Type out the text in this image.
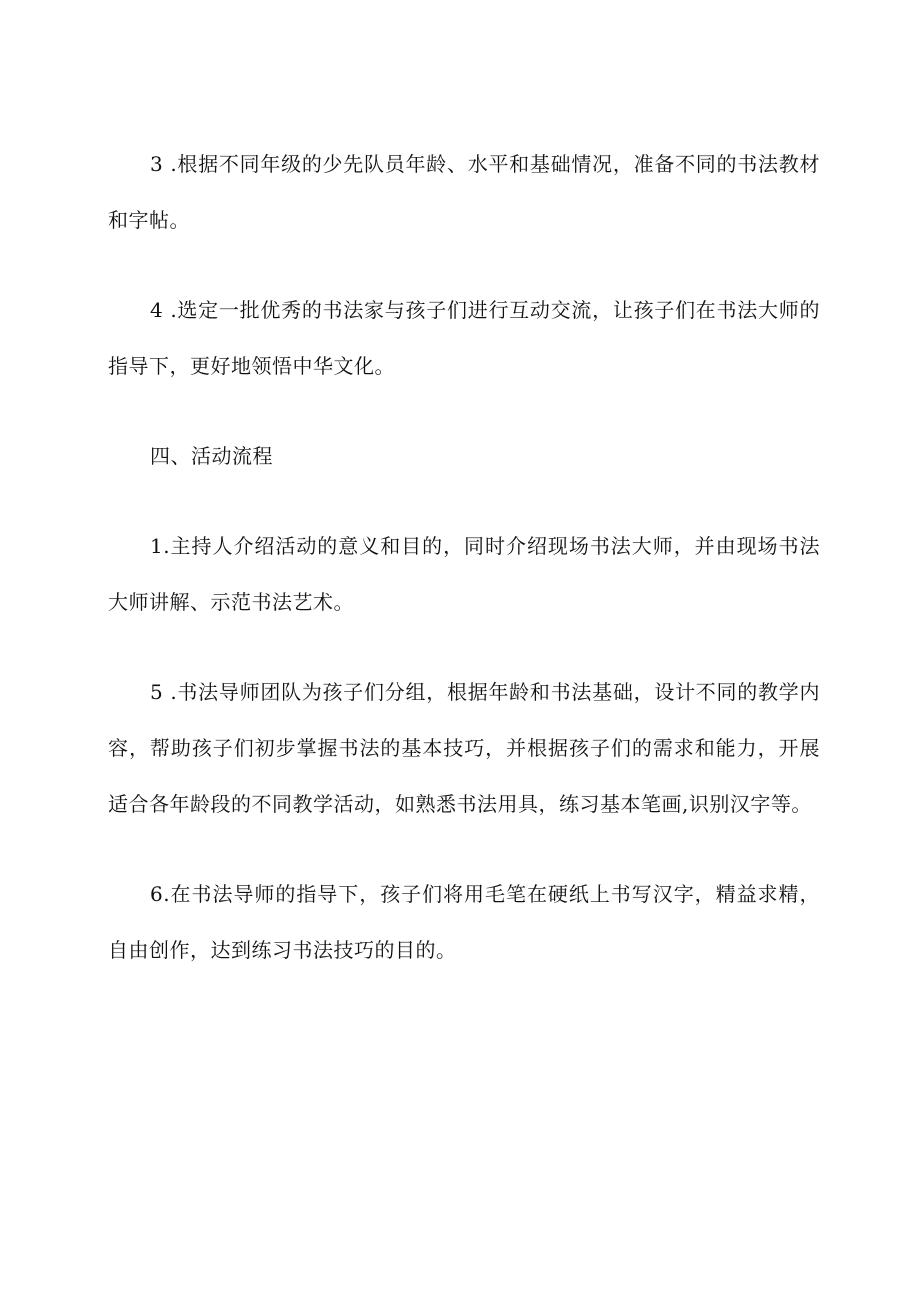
3 .根据不同年级的少先队员年龄、水平和基础情况，准备不同的书法教材和字帖。

4 .选定一批优秀的书法家与孩子们进行互动交流，让孩子们在书法大师的指导下，更好地领悟中华文化。

四、活动流程

1.主持人介绍活动的意义和目的，同时介绍现场书法大师，并由现场书法大师讲解、示范书法艺术。

5 .书法导师团队为孩子们分组，根据年龄和书法基础，设计不同的教学内容，帮助孩子们初步掌握书法的基本技巧，并根据孩子们的需求和能力，开展适合各年龄段的不同教学活动，如熟悉书法用具，练习基本笔画,识别汉字等。

6.在书法导师的指导下，孩子们将用毛笔在硬纸上书写汉字，精益求精，自由创作，达到练习书法技巧的目的。
